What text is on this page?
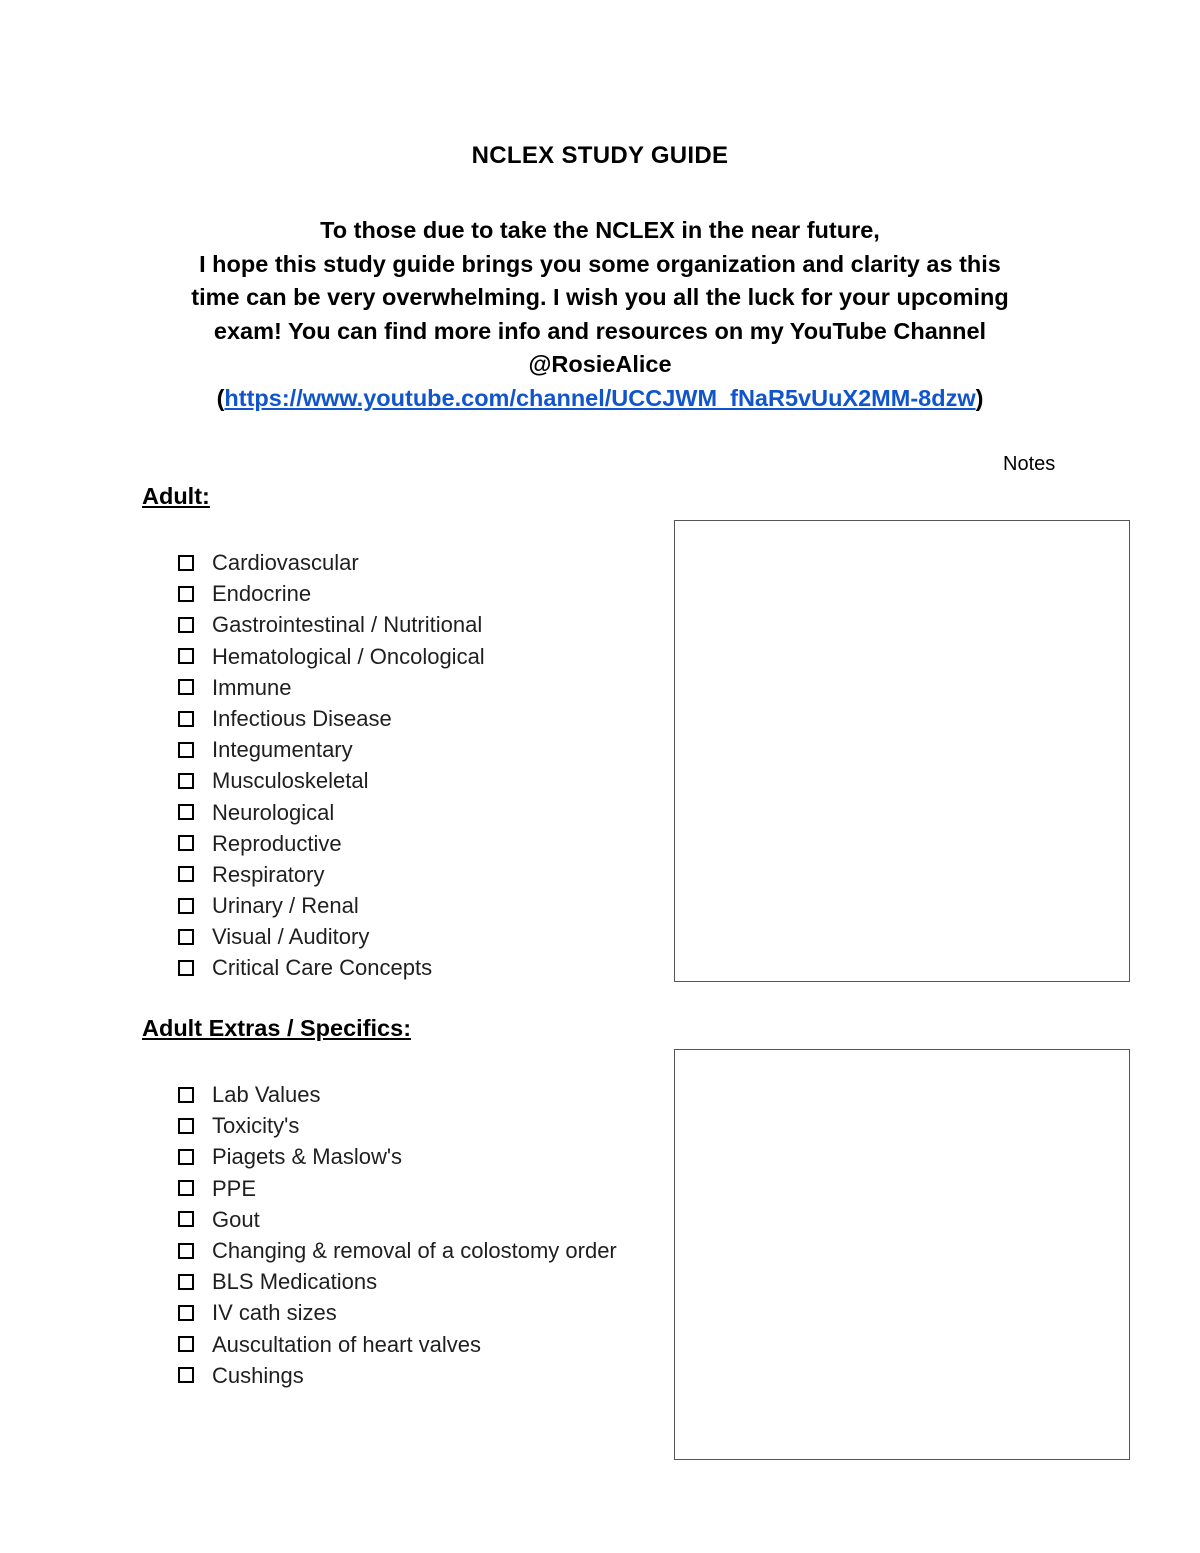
NCLEX STUDY GUIDE
To those due to take the NCLEX in the near future,
I hope this study guide brings you some organization and clarity as this
time can be very overwhelming. I wish you all the luck for your upcoming
exam! You can find more info and resources on my YouTube Channel
@RosieAlice
(https://www.youtube.com/channel/UCCJWM_fNaR5vUuX2MM-8dzw)
Notes
Adult:
Cardiovascular
Endocrine
Gastrointestinal / Nutritional
Hematological / Oncological
Immune
Infectious Disease
Integumentary
Musculoskeletal
Neurological
Reproductive
Respiratory
Urinary / Renal
Visual / Auditory
Critical Care Concepts
Adult Extras / Specifics:
Lab Values
Toxicity's
Piagets & Maslow's
PPE
Gout
Changing & removal of a colostomy order
BLS Medications
IV cath sizes
Auscultation of heart valves
Cushings
